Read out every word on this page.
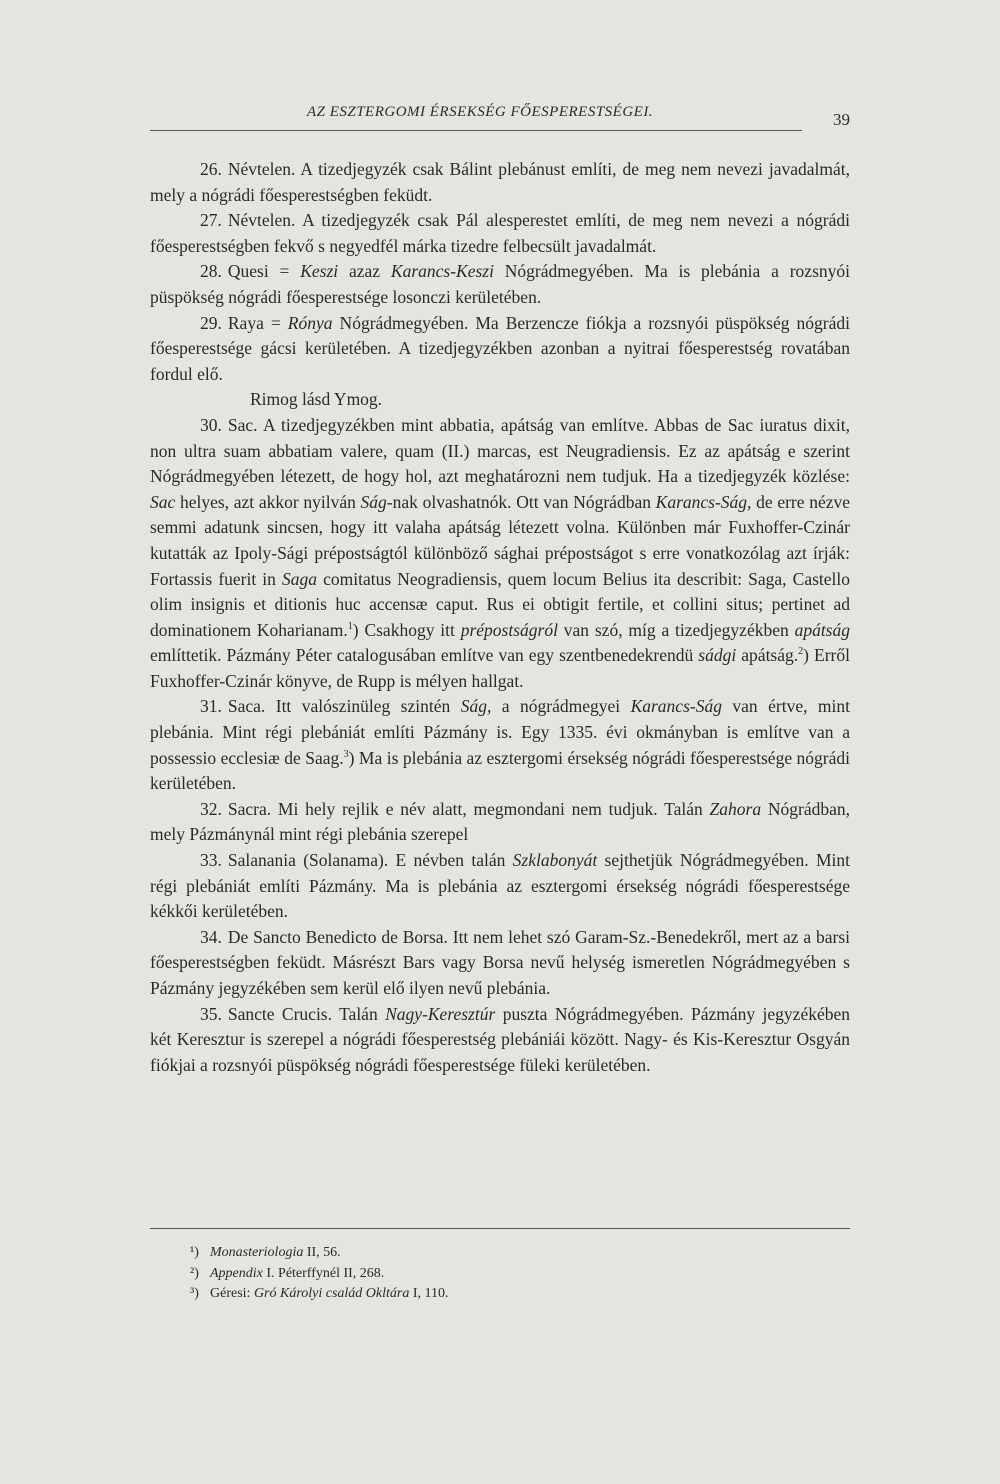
AZ ESZTERGOMI ÉRSEKSÉG FŐESPERESTSÉGEI.	39

26. Névtelen. A tizedjegyzék csak Bálint plebánust említi, de meg nem nevezi javadalmát, mely a nógrádi főesperestségben feküdt.

27. Névtelen. A tizedjegyzék csak Pál alesperestet említi, de meg nem nevezi a nógrádi főesperestségben fekvő s negyedfél márka tizedre felbecsült javadalmát.

28. Quesi = Keszi azaz Karancs-Keszi Nógrádmegyében. Ma is plebánia a rozsnyói püspökség nógrádi főesperestsége losonczi kerületében.

29. Raya = Rónya Nógrádmegyében. Ma Berzencze fiókja a rozsnyói püspökség nógrádi főesperestsége gácsi kerületében. A tizedjegyzékben azonban a nyitrai főesperestség rovatában fordul elő.

Rimog lásd Ymog.

30. Sac. A tizedjegyzékben mint abbatia, apátság van említve. Abbas de Sac iuratus dixit, non ultra suam abbatiam valere, quam (II.) marcas, est Neugradiensis. Ez az apátság e szerint Nógrádmegyében létezett, de hogy hol, azt meghatározni nem tudjuk. Ha a tizedjegyzék közlése: Sac helyes, azt akkor nyilván Ság-nak olvashatnók. Ott van Nógrádban Karancs-Ság, de erre nézve semmi adatunk sincsen, hogy itt valaha apátság létezett volna. Különben már Fuxhoffer-Czinár kutatták az Ipoly-Sági prépostságtól különböző sághai prépostságot s erre vonatkozólag azt írják: Fortassis fuerit in Saga comitatus Neogradiensis, quem locum Belius ita describit: Saga, Castello olim insignis et ditionis huc accensæ caput. Rus ei obtigit fertile, et collini situs; pertinet ad dominationem Koharianam.$^1$) Csakhogy itt prépostságról van szó, míg a tizedjegyzékben apátság említtetik. Pázmány Péter catalogusában említve van egy szentbenedekrendü sádgi apátság.$^2$) Erről Fuxhoffer-Czinár könyve, de Rupp is mélyen hallgat.

31. Saca. Itt valószinüleg szintén Ság, a nógrádmegyei Karancs-Ság van értve, mint plebánia. Mint régi plebániát említi Pázmány is. Egy 1335. évi okmányban is említve van a possessio ecclesiæ de Saag.$^3$) Ma is plebánia az esztergomi érsekség nógrádi főesperestsége nógrádi kerületében.

32. Sacra. Mi hely rejlik e név alatt, megmondani nem tudjuk. Talán Zahora Nógrádban, mely Pázmánynál mint régi plebánia szerepel

33. Salanania (Solanama). E névben talán Szklabonyát sejthetjük Nógrádmegyében. Mint régi plebániát említi Pázmány. Ma is plebánia az esztergomi érsekség nógrádi főesperestsége kékkői kerületében.

34. De Sancto Benedicto de Borsa. Itt nem lehet szó Garam-Sz.-Benedekről, mert az a barsi főesperestségben feküdt. Másrészt Bars vagy Borsa nevű helység ismeretlen Nógrádmegyében s Pázmány jegyzékében sem kerül elő ilyen nevű plebánia.

35. Sancte Crucis. Talán Nagy-Keresztúr puszta Nógrádmegyében. Pázmány jegyzékében két Keresztur is szerepel a nógrádi főesperestség plebániái között. Nagy- és Kis-Keresztur Osgyán fiókjai a rozsnyói püspökség nógrádi főesperestsége füleki kerületében.

¹) Monasteriologia II, 56.

²) Appendix I. Péterffynél II, 268.

³) Géresi: Gró Károlyi család Okltára I, 110.
